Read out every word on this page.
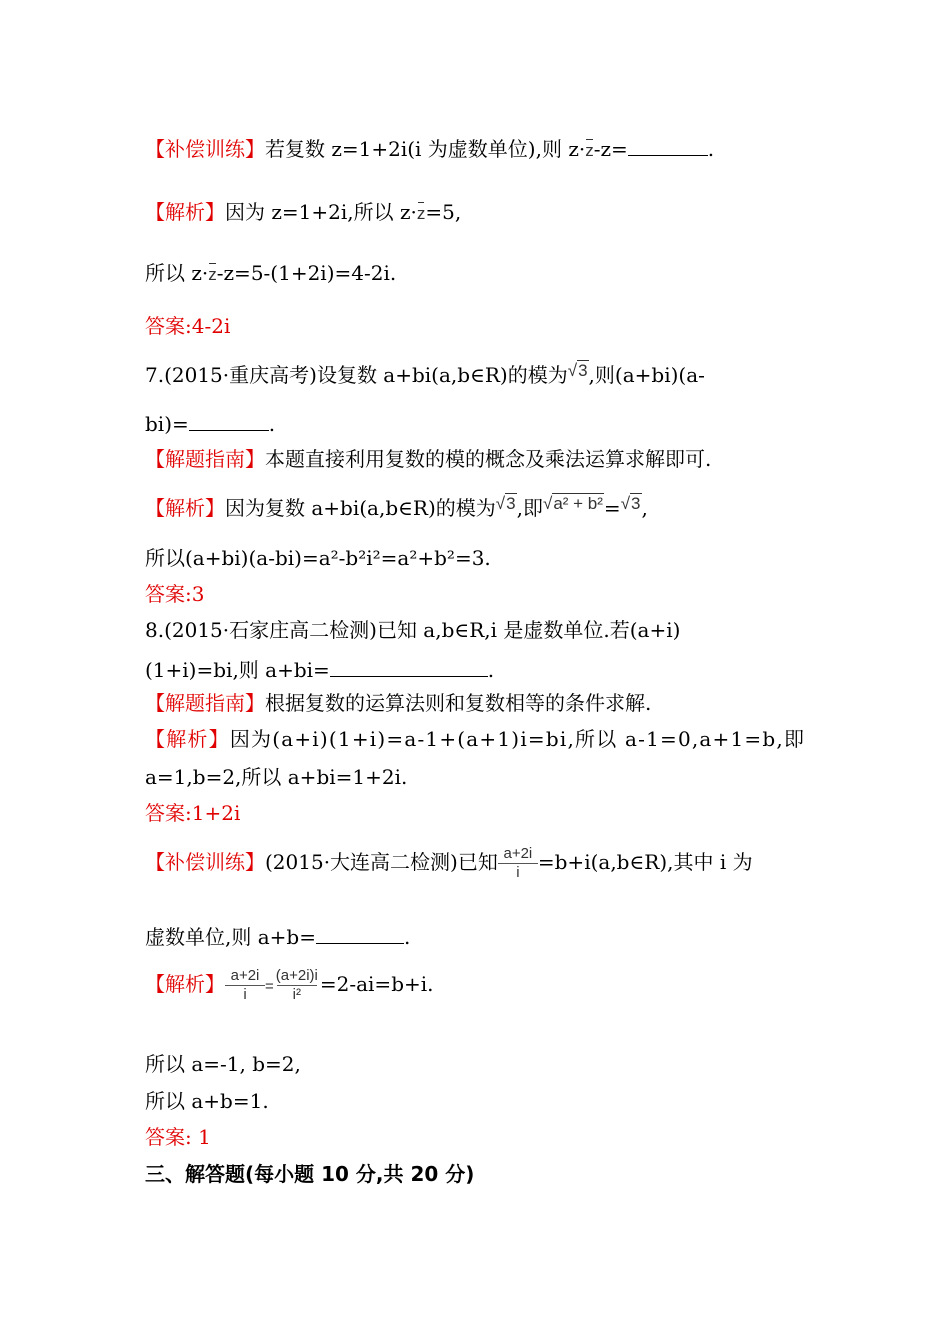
【补偿训练】若复数 z=1+2i(i 为虚数单位),则 z·z-z=	.
【解析】因为 z=1+2i,所以 z·z=5,
所以 z·z-z=5-(1+2i)=4-2i.
答案:4-2i
7.(2015·重庆高考)设复数 a+bi(a,b∈R)的模为√3,则(a+bi)(a-
bi)=	.
【解题指南】本题直接利用复数的模的概念及乘法运算求解即可.
【解析】因为复数 a+bi(a,b∈R)的模为√3,即√a² + b²=√3,
所以(a+bi)(a-bi)=a²-b²i²=a²+b²=3.
答案:3
8.(2015·石家庄高二检测)已知 a,b∈R,i 是虚数单位.若(a+i)
(1+i)=bi,则 a+bi=	.
【解题指南】根据复数的运算法则和复数相等的条件求解.
【解析】因为(a+i)(1+i)=a-1+(a+1)i=bi,所以 a-1=0,a+1=b,即
a=1,b=2,所以 a+bi=1+2i.
答案:1+2i
【补偿训练】(2015·大连高二检测)已知 $\frac{a+2i}{i}$ =b+i(a,b∈R),其中 i 为
虚数单位,则 a+b=	.
【解析】 $\frac{a+2i}{i} = \frac{(a+2i)i}{\text{i²}} =2-ai=b+i$.
所以 a=-1, b=2,
所以 a+b=1.
答案: 1
三、解答题(每小题 10 分,共 20 分)
